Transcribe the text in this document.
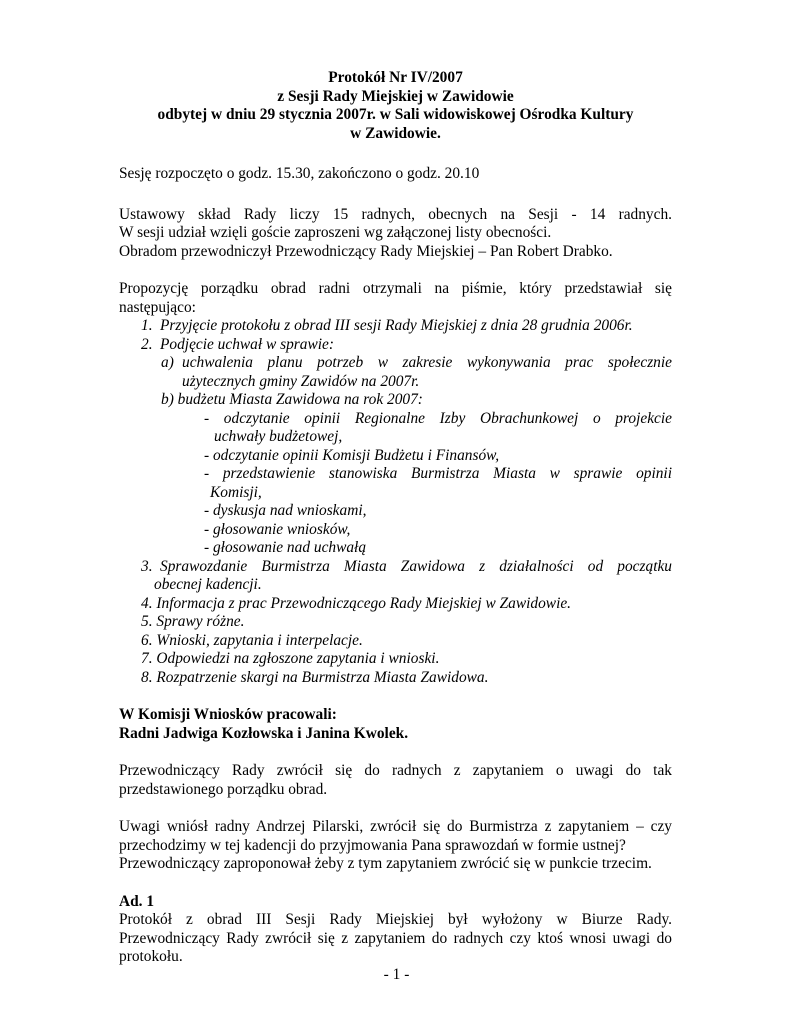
Protokół Nr IV/2007
z Sesji Rady Miejskiej w Zawidowie
odbytej w dniu 29 stycznia 2007r. w Sali widowiskowej Ośrodka Kultury
w Zawidowie.

Sesję rozpoczęto o godz. 15.30, zakończono o godz. 20.10

Ustawowy skład Rady liczy 15 radnych, obecnych na Sesji - 14 radnych.

W sesji udział wzięli goście zaproszeni wg załączonej listy obecności.

Obradom przewodniczył Przewodniczący Rady Miejskiej – Pan Robert Drabko.

Propozycję porządku obrad radni otrzymali na piśmie, który przedstawiał się

następująco:

1. Przyjęcie protokołu z obrad III sesji Rady Miejskiej z dnia 28 grudnia 2006r.
2. Podjęcie uchwał w sprawie:
a) uchwalenia planu potrzeb w zakresie wykonywania prac społecznie
użytecznych gminy Zawidów na 2007r.
b) budżetu Miasta Zawidowa na rok 2007:
- odczytanie opinii Regionalne Izby Obrachunkowej o projekcie
uchwały budżetowej,
- odczytanie opinii Komisji Budżetu i Finansów,
- przedstawienie stanowiska Burmistrza Miasta w sprawie opinii
Komisji,
- dyskusja nad wnioskami,
- głosowanie wniosków,
- głosowanie nad uchwałą
3. Sprawozdanie Burmistrza Miasta Zawidowa z działalności od początku
obecnej kadencji.
4. Informacja z prac Przewodniczącego Rady Miejskiej w Zawidowie.
5. Sprawy różne.
6. Wnioski, zapytania i interpelacje.
7. Odpowiedzi na zgłoszone zapytania i wnioski.
8. Rozpatrzenie skargi na Burmistrza Miasta Zawidowa.

W Komisji Wniosków pracowali:

Radni Jadwiga Kozłowska i Janina Kwolek.

Przewodniczący Rady zwrócił się do radnych z zapytaniem o uwagi do tak

przedstawionego porządku obrad.

Uwagi wniósł radny Andrzej Pilarski, zwrócił się do Burmistrza z zapytaniem – czy

przechodzimy w tej kadencji do przyjmowania Pana sprawozdań w formie ustnej?

Przewodniczący zaproponował żeby z tym zapytaniem zwrócić się w punkcie trzecim.

Ad. 1

Protokół z obrad III Sesji Rady Miejskiej był wyłożony w Biurze Rady.

Przewodniczący Rady zwrócił się z zapytaniem do radnych czy ktoś wnosi uwagi do

protokołu.

- 1 -
